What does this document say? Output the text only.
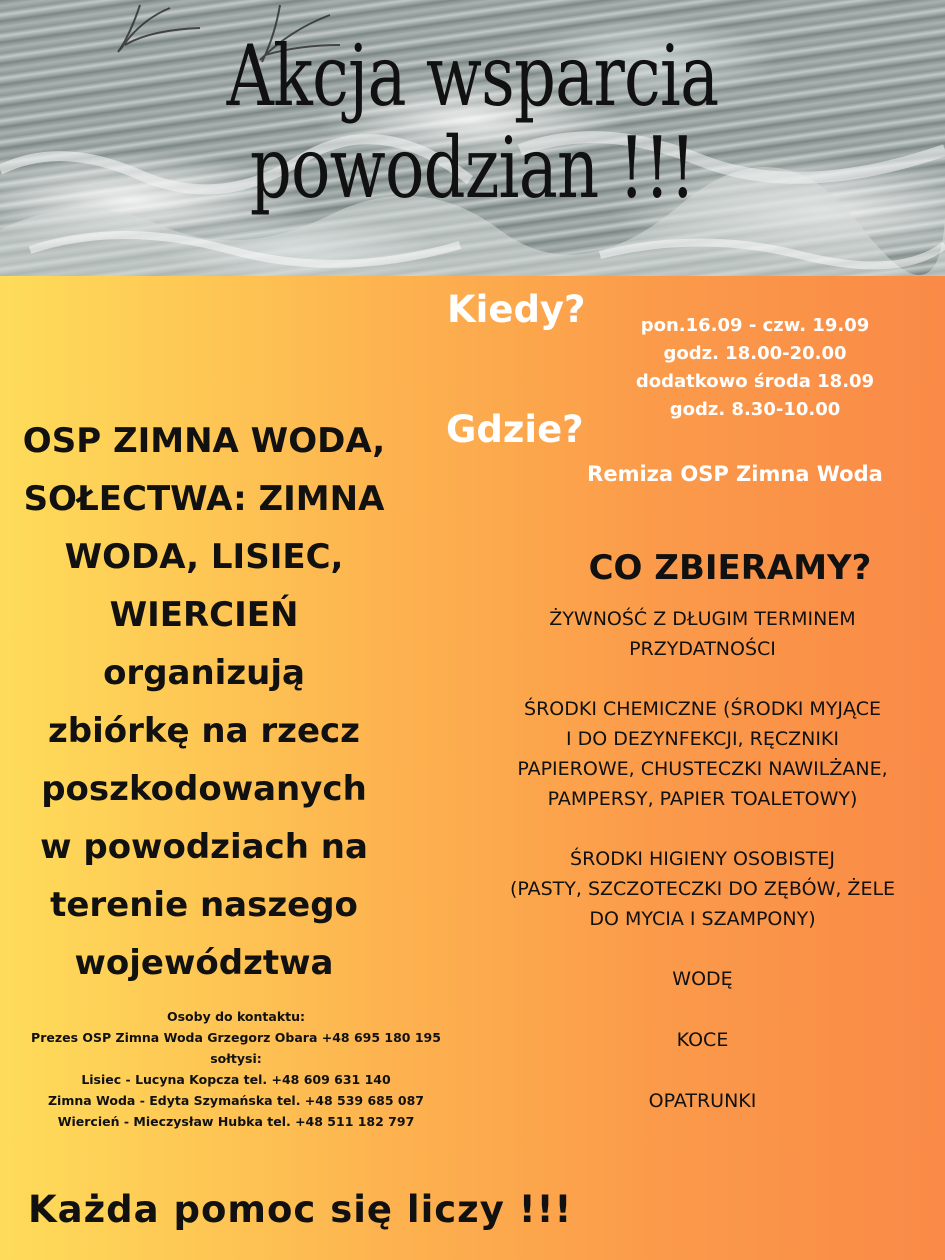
Akcja wsparcia
powodzian !!!
Kiedy?	pon.16.09 - czw. 19.09
godz. 18.00-20.00
dodatkowo środa 18.09
godz. 8.30-10.00
Gdzie?
Remiza OSP Zimna Woda
OSP ZIMNA WODA,
SOŁECTWA: ZIMNA
WODA, LISIEC,
WIERCIEŃ
organizują
zbiórkę na rzecz
poszkodowanych
w powodziach na
terenie naszego
województwa
CO ZBIERAMY?
ŻYWNOŚĆ Z DŁUGIM TERMINEM
PRZYDATNOŚCI
ŚRODKI CHEMICZNE (ŚRODKI MYJĄCE
I DO DEZYNFEKCJI, RĘCZNIKI
PAPIEROWE, CHUSTECZKI NAWILŻANE,
PAMPERSY, PAPIER TOALETOWY)
ŚRODKI HIGIENY OSOBISTEJ
(PASTY, SZCZOTECZKI DO ZĘBÓW, ŻELE
DO MYCIA I SZAMPONY)
WODĘ
KOCE
OPATRUNKI
Osoby do kontaktu:
Prezes OSP Zimna Woda Grzegorz Obara +48 695 180 195
sołtysi:
Lisiec - Lucyna Kopcza tel. +48 609 631 140
Zimna Woda - Edyta Szymańska tel. +48 539 685 087
Wiercień - Mieczysław Hubka tel. +48 511 182 797
Każda pomoc się liczy !!!
